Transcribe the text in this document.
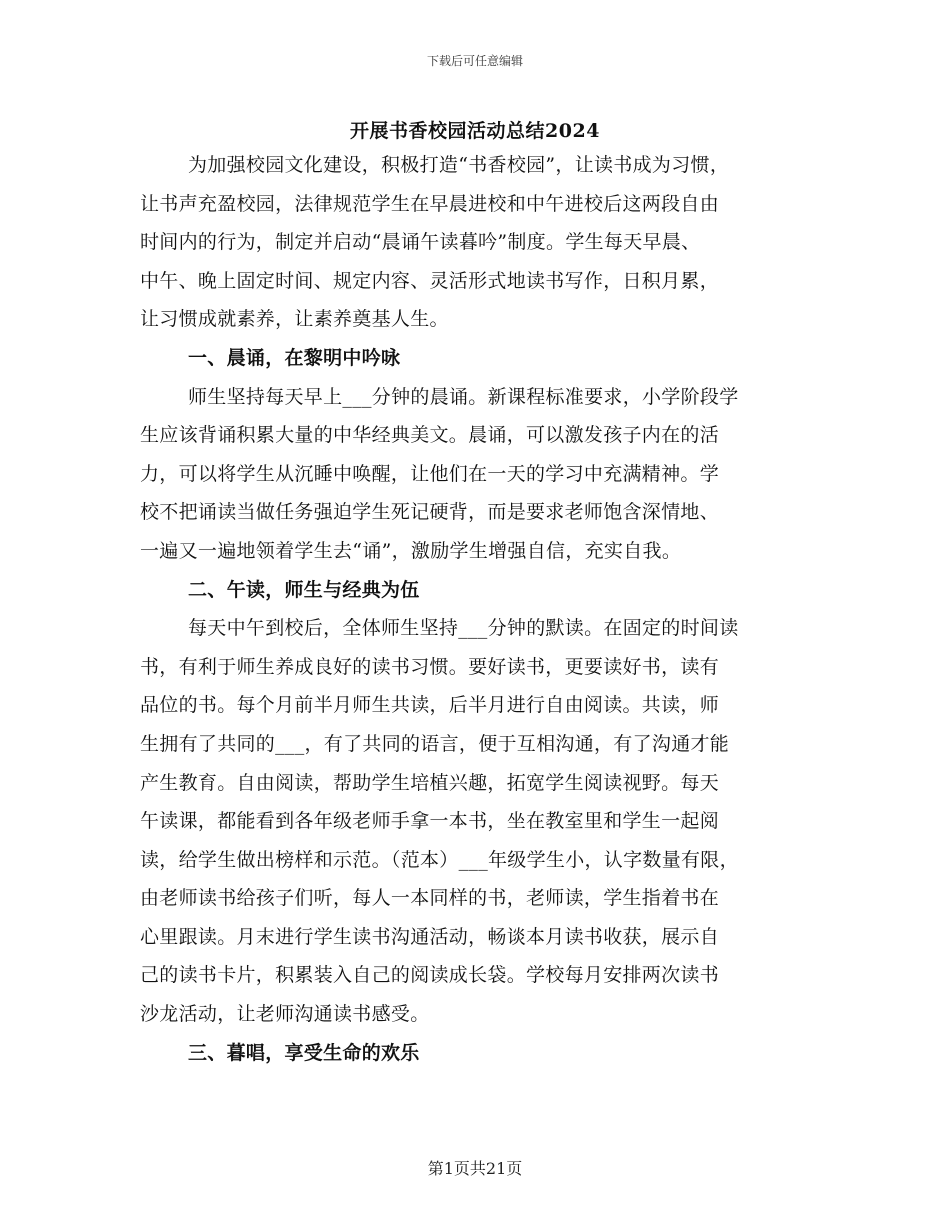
下载后可任意编辑
开展书香校园活动总结2024
为加强校园文化建设，积极打造“书香校园”，让读书成为习惯，
让书声充盈校园，法律规范学生在早晨进校和中午进校后这两段自由
时间内的行为，制定并启动“晨诵午读暮吟”制度。学生每天早晨、
中午、晚上固定时间、规定内容、灵活形式地读书写作，日积月累，
让习惯成就素养，让素养奠基人生。
一、晨诵，在黎明中吟咏
师生坚持每天早上___分钟的晨诵。新课程标准要求，小学阶段学
生应该背诵积累大量的中华经典美文。晨诵，可以激发孩子内在的活
力，可以将学生从沉睡中唤醒，让他们在一天的学习中充满精神。学
校不把诵读当做任务强迫学生死记硬背，而是要求老师饱含深情地、
一遍又一遍地领着学生去“诵”，激励学生增强自信，充实自我。
二、午读，师生与经典为伍
每天中午到校后，全体师生坚持___分钟的默读。在固定的时间读
书，有利于师生养成良好的读书习惯。要好读书，更要读好书，读有
品位的书。每个月前半月师生共读，后半月进行自由阅读。共读，师
生拥有了共同的___，有了共同的语言，便于互相沟通，有了沟通才能
产生教育。自由阅读，帮助学生培植兴趣，拓宽学生阅读视野。每天
午读课，都能看到各年级老师手拿一本书，坐在教室里和学生一起阅
读，给学生做出榜样和示范。（范本）___年级学生小，认字数量有限，
由老师读书给孩子们听，每人一本同样的书，老师读，学生指着书在
心里跟读。月末进行学生读书沟通活动，畅谈本月读书收获，展示自
己的读书卡片，积累装入自己的阅读成长袋。学校每月安排两次读书
沙龙活动，让老师沟通读书感受。
三、暮唱，享受生命的欢乐
第1页共21页
